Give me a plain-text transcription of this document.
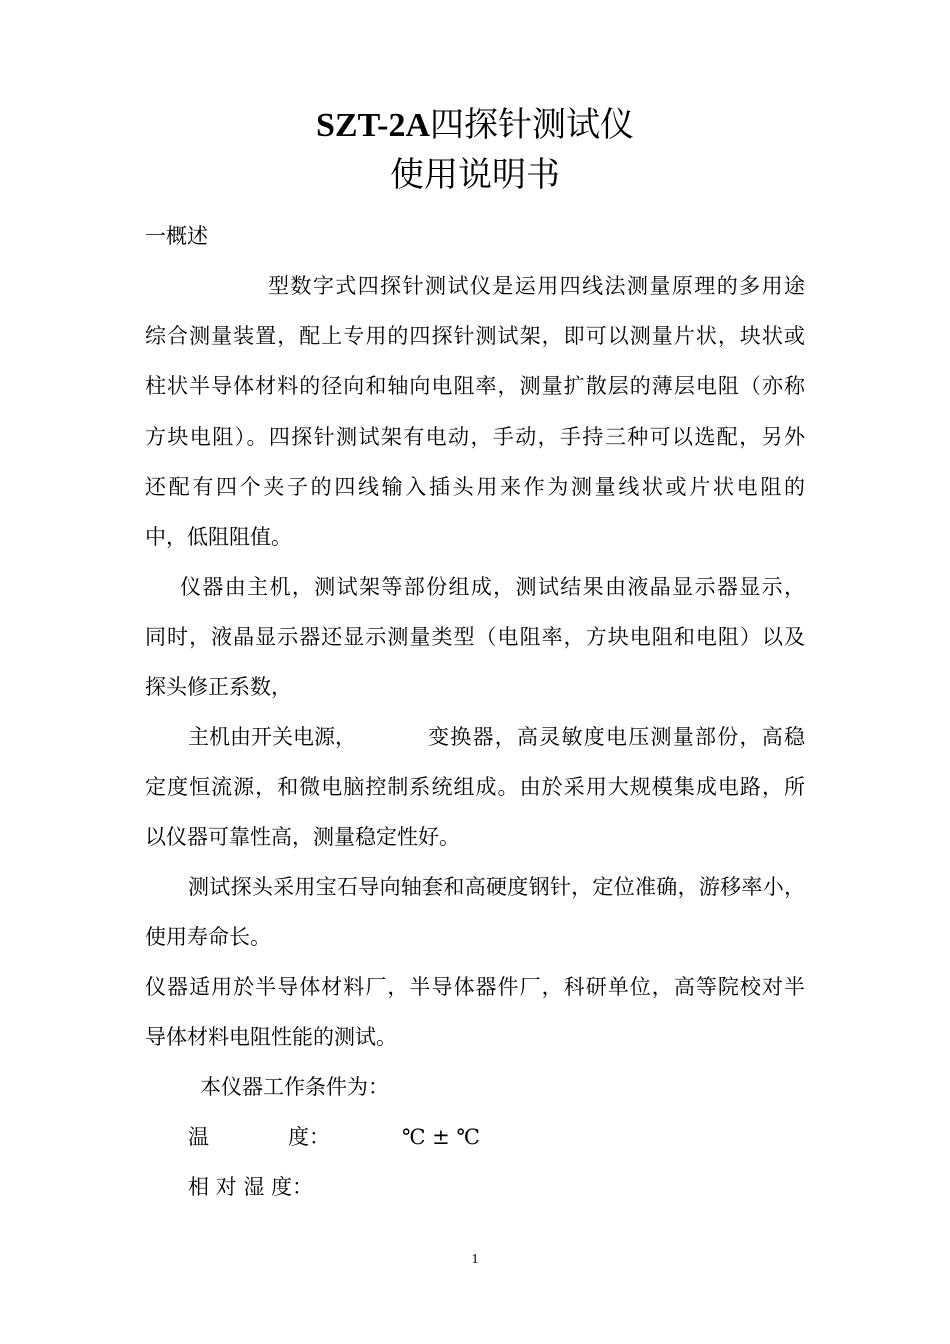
SZT-2A四探针测试仪
使用说明书
一概述
型数字式四探针测试仪是运用四线法测量原理的多用途
综合测量装置，配上专用的四探针测试架，即可以测量片状，块状或
柱状半导体材料的径向和轴向电阻率，测量扩散层的薄层电阻（亦称
方块电阻）。四探针测试架有电动，手动，手持三种可以选配，另外
还配有四个夹子的四线输入插头用来作为测量线状或片状电阻的
中，低阻阻值。
仪器由主机，测试架等部份组成，测试结果由液晶显示器显示，
同时，液晶显示器还显示测量类型（电阻率，方块电阻和电阻）以及
探头修正系数，
主机由开关电源，	变换器，高灵敏度电压测量部份，高稳
定度恒流源，和微电脑控制系统组成。由於采用大规模集成电路，所
以仪器可靠性高，测量稳定性好。
测试探头采用宝石导向轴套和高硬度钢针，定位准确，游移率小，
使用寿命长。
仪器适用於半导体材料厂，半导体器件厂，科研单位，高等院校对半
导体材料电阻性能的测试。
本仪器工作条件为：
温	度：	℃ ± ℃
相 对 湿 度：
1
